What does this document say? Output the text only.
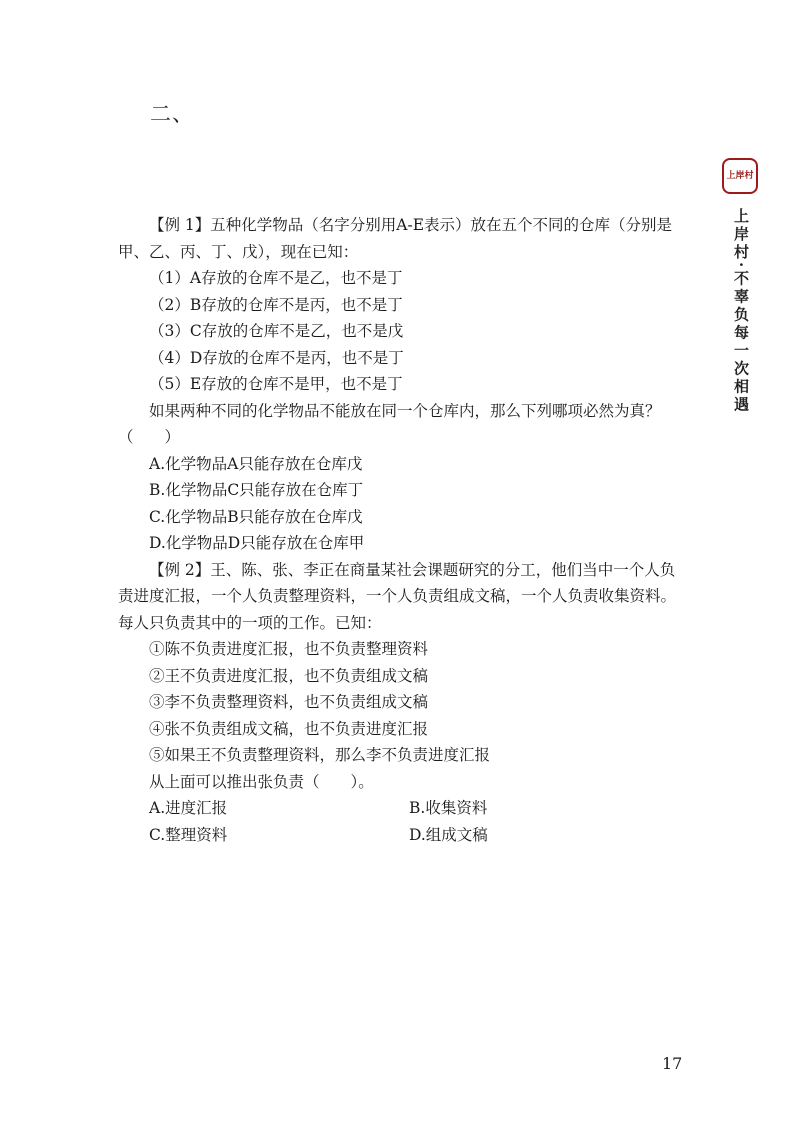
二、
上岸村
上岸村·不辜负每一次相遇
【例 1】五种化学物品（名字分别用A-E表示）放在五个不同的仓库（分别是
甲、乙、丙、丁、戊），现在已知：
（1）A存放的仓库不是乙，也不是丁
（2）B存放的仓库不是丙，也不是丁
（3）C存放的仓库不是乙，也不是戊
（4）D存放的仓库不是丙，也不是丁
（5）E存放的仓库不是甲，也不是丁
如果两种不同的化学物品不能放在同一个仓库内，那么下列哪项必然为真？
（　　）
A.化学物品A只能存放在仓库戊
B.化学物品C只能存放在仓库丁
C.化学物品B只能存放在仓库戊
D.化学物品D只能存放在仓库甲
【例 2】王、陈、张、李正在商量某社会课题研究的分工，他们当中一个人负
责进度汇报，一个人负责整理资料，一个人负责组成文稿，一个人负责收集资料。
每人只负责其中的一项的工作。已知：
①陈不负责进度汇报，也不负责整理资料
②王不负责进度汇报，也不负责组成文稿
③李不负责整理资料，也不负责组成文稿
④张不负责组成文稿，也不负责进度汇报
⑤如果王不负责整理资料，那么李不负责进度汇报
从上面可以推出张负责（　　）。
A.进度汇报	B.收集资料
C.整理资料	D.组成文稿
17
